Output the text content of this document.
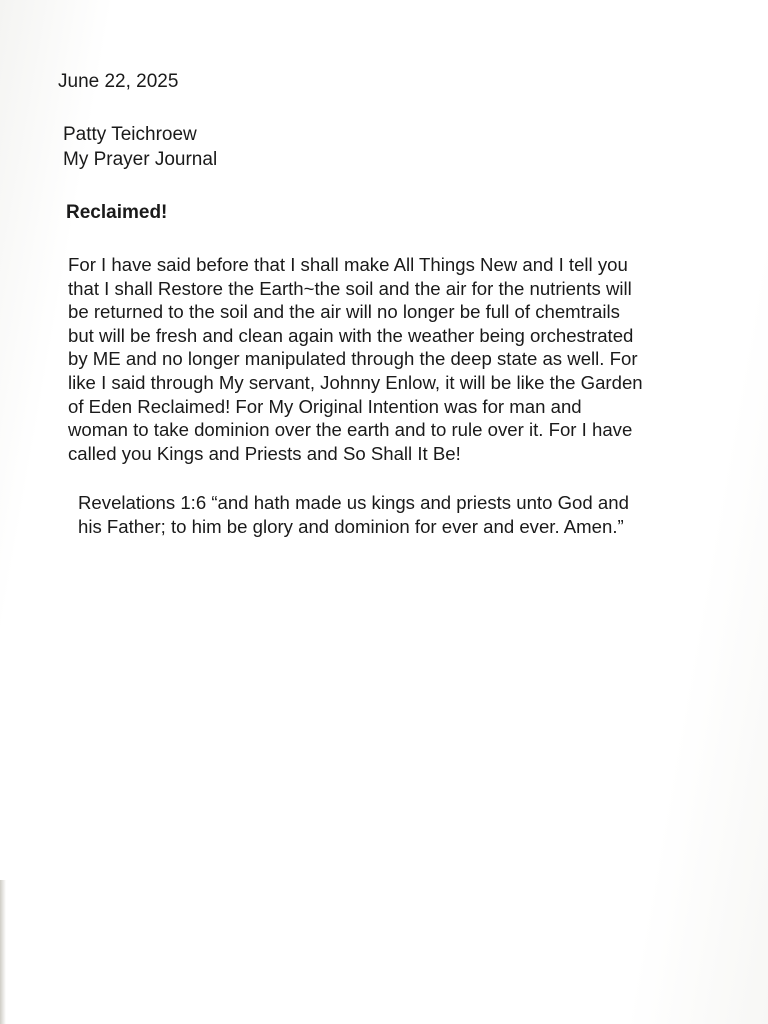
June 22, 2025
Patty Teichroew
My Prayer Journal
Reclaimed!
For I have said before that I shall make All Things New and I tell you
that I shall Restore the Earth~the soil and the air for the nutrients will
be returned to the soil and the air will no longer be full of chemtrails
but will be fresh and clean again with the weather being orchestrated
by ME and no longer manipulated through the deep state as well. For
like I said through My servant, Johnny Enlow, it will be like the Garden
of Eden Reclaimed! For My Original Intention was for man and
woman to take dominion over the earth and to rule over it. For I have
called you Kings and Priests and So Shall It Be!
Revelations 1:6 “and hath made us kings and priests unto God and
his Father; to him be glory and dominion for ever and ever. Amen.”
